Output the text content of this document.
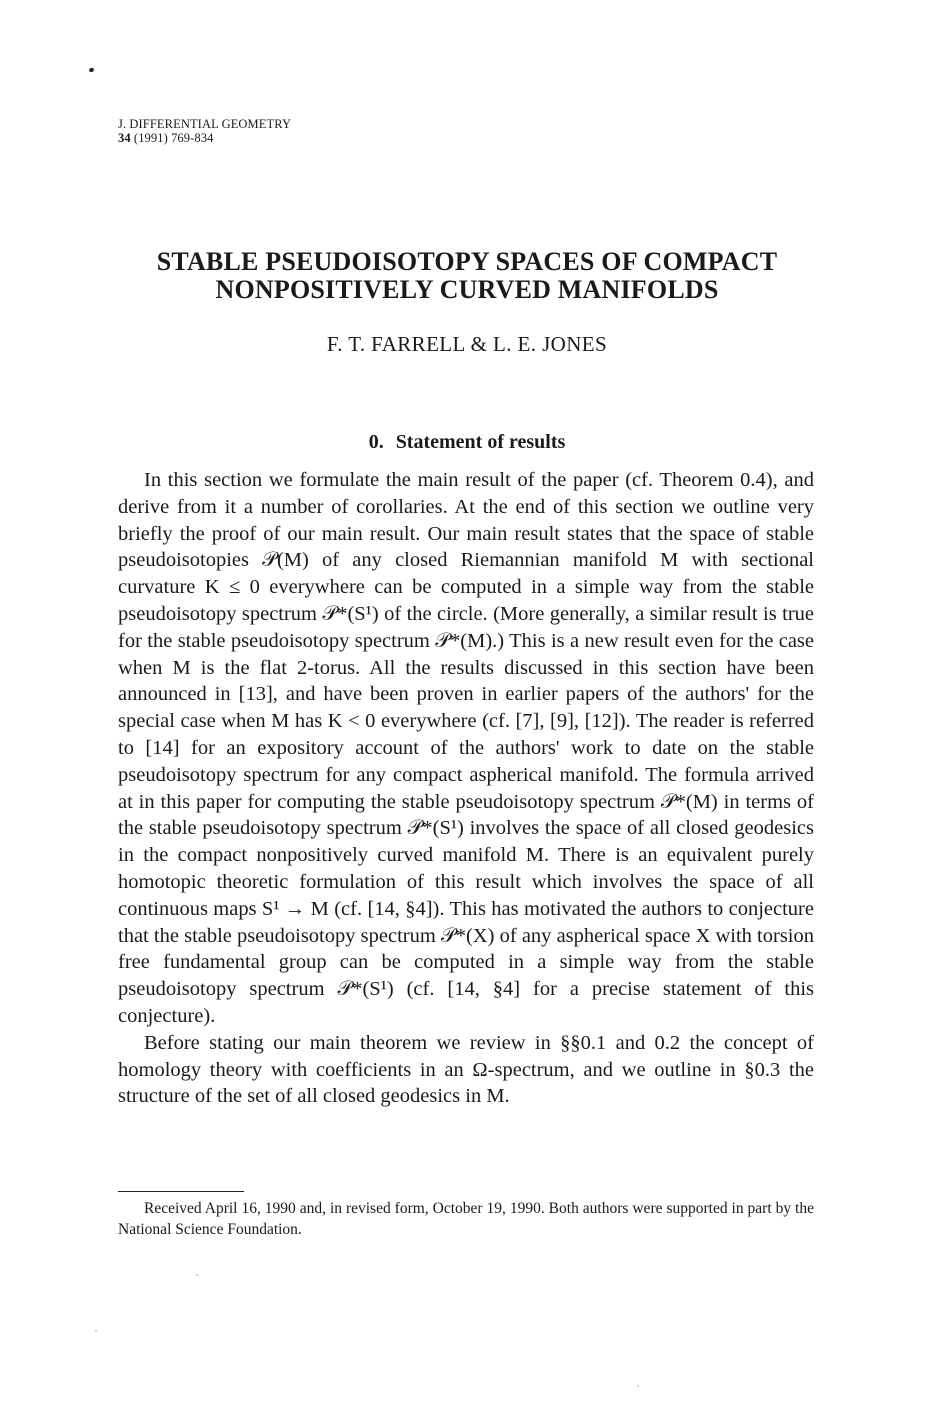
J. DIFFERENTIAL GEOMETRY
34 (1991) 769-834
STABLE PSEUDOISOTOPY SPACES OF COMPACT
NONPOSITIVELY CURVED MANIFOLDS
F. T. FARRELL & L. E. JONES
0. Statement of results

In this section we formulate the main result of the paper (cf. Theorem 0.4), and derive from it a number of corollaries. At the end of this section we outline very briefly the proof of our main result. Our main result states that the space of stable pseudoisotopies 𝒫(M) of any closed Riemannian manifold M with sectional curvature K ≤ 0 everywhere can be computed in a simple way from the stable pseudoisotopy spectrum 𝒫*(S¹) of the circle. (More generally, a similar result is true for the stable pseudoisotopy spectrum 𝒫*(M).) This is a new result even for the case when M is the flat 2-torus. All the results discussed in this section have been announced in [13], and have been proven in earlier papers of the authors' for the special case when M has K < 0 everywhere (cf. [7], [9], [12]). The reader is referred to [14] for an expository account of the authors' work to date on the stable pseudoisotopy spectrum for any compact aspherical manifold. The formula arrived at in this paper for computing the stable pseudoisotopy spectrum 𝒫*(M) in terms of the stable pseudoisotopy spectrum 𝒫*(S¹) involves the space of all closed geodesics in the compact nonpositively curved manifold M. There is an equivalent purely homotopic theoretic formulation of this result which involves the space of all continuous maps S¹ → M (cf. [14, §4]). This has motivated the authors to conjecture that the stable pseudoisotopy spectrum 𝒫*(X) of any aspherical space X with torsion free fundamental group can be computed in a simple way from the stable pseudoisotopy spectrum 𝒫*(S¹) (cf. [14, §4] for a precise statement of this conjecture).

Before stating our main theorem we review in §§0.1 and 0.2 the concept of homology theory with coefficients in an Ω-spectrum, and we outline in §0.3 the structure of the set of all closed geodesics in M.

Received April 16, 1990 and, in revised form, October 19, 1990. Both authors were supported in part by the National Science Foundation.
